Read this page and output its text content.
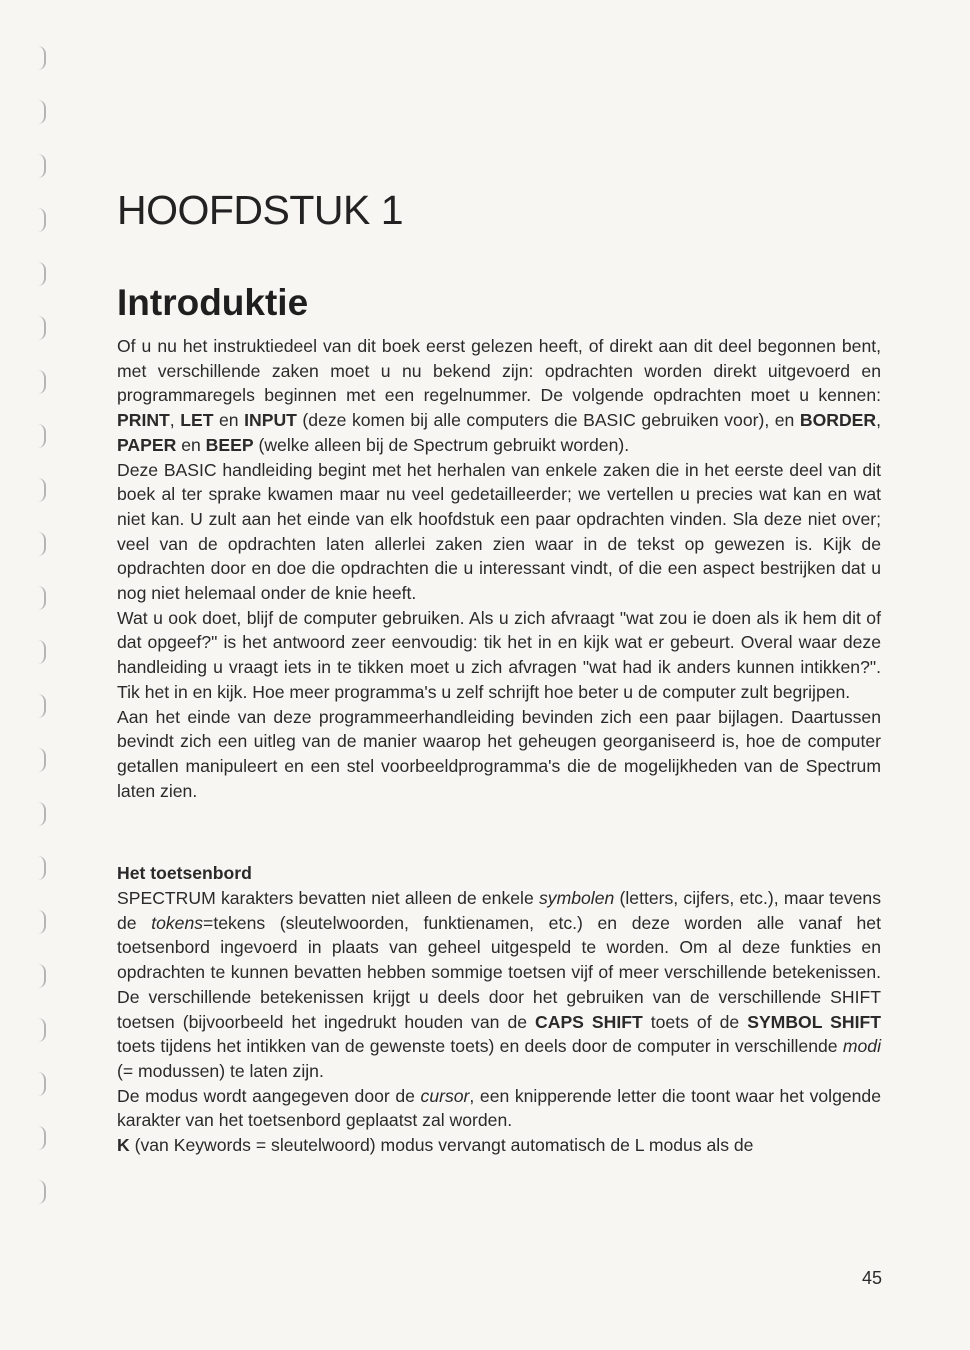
HOOFDSTUK 1
Introduktie

Of u nu het instruktiedeel van dit boek eerst gelezen heeft, of direkt aan dit deel begonnen bent, met verschillende zaken moet u nu bekend zijn: opdrachten worden direkt uitgevoerd en programmaregels beginnen met een regelnummer. De volgende opdrachten moet u kennen: PRINT, LET en INPUT (deze komen bij alle computers die BASIC gebruiken voor), en BORDER, PAPER en BEEP (welke alleen bij de Spectrum gebruikt worden).

Deze BASIC handleiding begint met het herhalen van enkele zaken die in het eerste deel van dit boek al ter sprake kwamen maar nu veel gedetailleerder; we vertellen u precies wat kan en wat niet kan. U zult aan het einde van elk hoofdstuk een paar opdrachten vinden. Sla deze niet over; veel van de opdrachten laten allerlei zaken zien waar in de tekst op gewezen is. Kijk de opdrachten door en doe die opdrachten die u interessant vindt, of die een aspect bestrijken dat u nog niet helemaal onder de knie heeft.

Wat u ook doet, blijf de computer gebruiken. Als u zich afvraagt "wat zou ie doen als ik hem dit of dat opgeef?" is het antwoord zeer eenvoudig: tik het in en kijk wat er gebeurt. Overal waar deze handleiding u vraagt iets in te tikken moet u zich afvragen "wat had ik anders kunnen intikken?". Tik het in en kijk. Hoe meer programma's u zelf schrijft hoe beter u de computer zult begrijpen.

Aan het einde van deze programmeerhandleiding bevinden zich een paar bijlagen. Daartussen bevindt zich een uitleg van de manier waarop het geheugen georganiseerd is, hoe de computer getallen manipuleert en een stel voorbeeldprogramma's die de mogelijkheden van de Spectrum laten zien.

Het toetsenbord

SPECTRUM karakters bevatten niet alleen de enkele symbolen (letters, cijfers, etc.), maar tevens de tokens=tekens (sleutelwoorden, funktienamen, etc.) en deze worden alle vanaf het toetsenbord ingevoerd in plaats van geheel uitgespeld te worden. Om al deze funkties en opdrachten te kunnen bevatten hebben sommige toetsen vijf of meer verschillende betekenissen. De verschillende betekenissen krijgt u deels door het gebruiken van de verschillende SHIFT toetsen (bijvoorbeeld het ingedrukt houden van de CAPS SHIFT toets of de SYMBOL SHIFT toets tijdens het intikken van de gewenste toets) en deels door de computer in verschillende modi (= modussen) te laten zijn.

De modus wordt aangegeven door de cursor, een knipperende letter die toont waar het volgende karakter van het toetsenbord geplaatst zal worden.

K (van Keywords = sleutelwoord) modus vervangt automatisch de L modus als de

45
